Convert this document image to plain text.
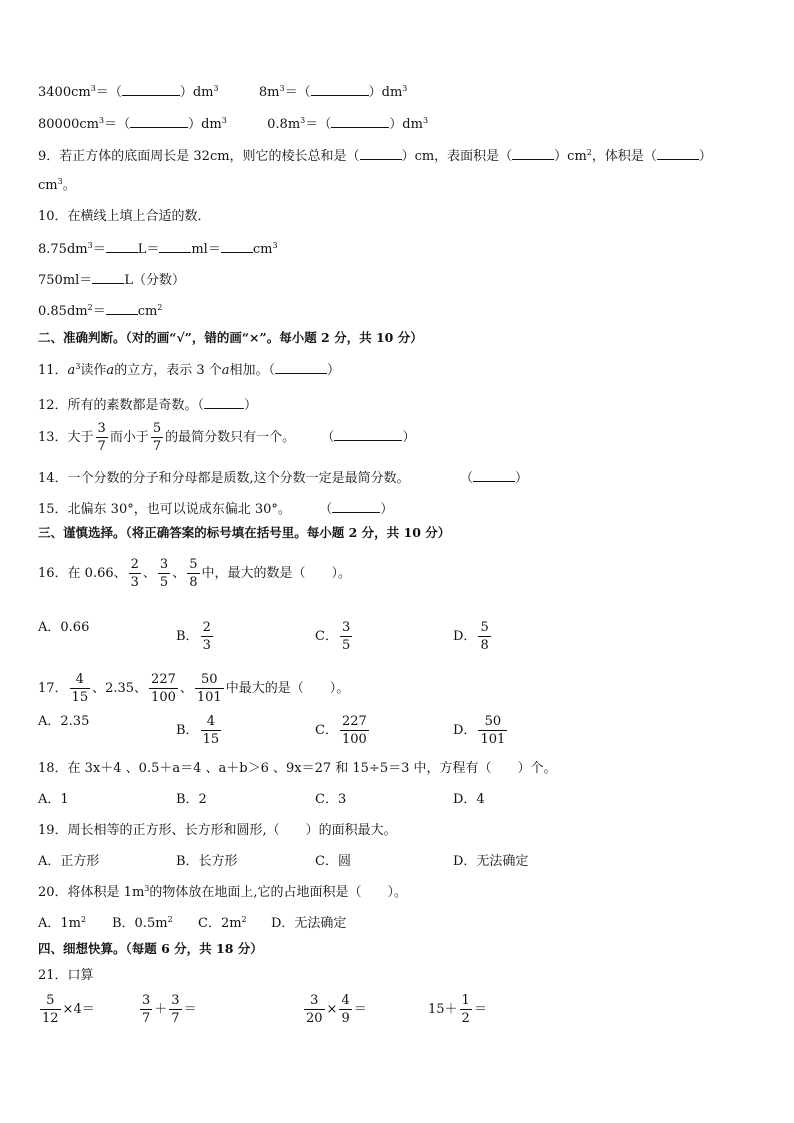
$3400cm^3=$（	）$dm^3$	$8m^3=$（	）$dm^3$
$80000cm^3=$（	）$dm^3$	$0.8m^3=$（	）$dm^3$
9．若正方体的底面周长是 32cm，则它的棱长总和是（	）cm，表面积是（	）$cm^2$，体积是（	）
$cm^3$。
10．在横线上填上合适的数．
$8.75dm^3= L= ml= cm^3$
750ml＝ L（分数）
$0.85dm^2= cm^2$
二、准确判断。（对的画“√”，错的画“×”。每小题 2 分，共 10 分）
11．$a^3$读作a的立方，表示 3 个a相加。（	）
12．所有的素数都是奇数。（	）
13．大于 $\frac{3}{7}$ 而小于 $\frac{5}{7}$ 的最简分数只有一个。 （	）
14．一个分数的分子和分母都是质数,这个分数一定是最简分数。	（	）
15．北偏东 30°，也可以说成东偏北 30°。 （	）
三、谨慎选择。（将正确答案的标号填在括号里。每小题 2 分，共 10 分）
16．在 0.66、 $\frac{2}{3}$ 、 $\frac{3}{5}$ 、 $\frac{5}{8}$ 中，最大的数是（　　）。
A．0.66
B． $\frac{2}{3}$	C． $\frac{3}{5}$	D． $\frac{5}{8}$
17． $\frac{4}{15}$ 、2.35、 $\frac{227}{100}$ 、 $\frac{50}{101}$ 中最大的是（　　）。
A．2.35
B． $\frac{4}{15}$	C． $\frac{227}{100}$	D． $\frac{50}{101}$
18．在 3x＋4 、0.5＋a＝4 、a＋b＞6 、9x＝27 和 15÷5＝3 中，方程有（　　）个。
A．1	B．2	C．3	D．4
19．周长相等的正方形、长方形和圆形,（　　）的面积最大。
A．正方形	B．长方形	C．圆	D．无法确定
20．将体积是 $1m^3$的物体放在地面上,它的占地面积是（　　）。
A．$1m^2$ B．$0.5m^2$ C．$2m^2$ D．无法确定
四、细想快算。（每题 6 分，共 18 分）
21．口算
$\frac{5}{12} \times 4=$	$\frac{3}{7} + \frac{3}{7}$ ＝	$\frac{3}{20} \times \frac{4}{9}$ ＝	$15+ \frac{1}{2}$ ＝
